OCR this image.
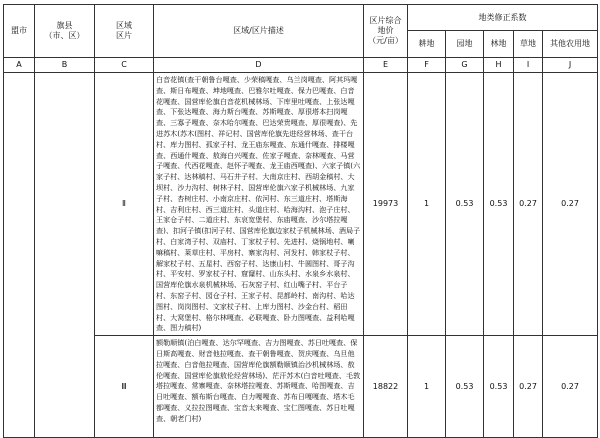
盟市	旗县
（市、区）	区域
区片	区域/区片描述	区片综合
地价
（元/亩）	地类修正系数				
					耕地	园地	林地	草地	其他农用地
A	B	C	D	E	F	G	H	I	J
		Ⅱ	白音花镇(查干朝鲁台嘎查、少荣稿嘎查、乌兰岗嘎查、阿其玛嘎查、斯日布嘎查、坤地嘎查、巴雅尔吐嘎查、保力巴嘎查、白音花嘎查、国营库伦旗白音花机械林场、下库里吐嘎查、上张达嘎查、下张达嘎查、海力斯台嘎查、苏斯嘎查、厚很塔本扫岗嘎查、三寡子嘎查、奈木哈尔嘎查、巴达荣贵嘎查、厚很嘎查)、先进苏木(苏木(图村、祥记村、国营库伦旗先进经营林场、查干台村、库力图村、孤家子村、龙王庙东嘎查、东通什嘎查、排楼嘎查、西通什嘎查、敖海白兴嘎查、佐家子嘎查、奈林嘎查、马营子嘎查、代西花嘎查、赵怀子嘎查、龙王庙西嘎查)、六家子镇(六家子村、达林稿村、马石井子村、大南京庄村、西胡金稿村、大坝村、沙力沟村、树林子村、国营库伦旗六家子机械林场、九家子村、杏树庄村、小南京庄村、依河村、东三道庄村、塔斯海村、吉利庄村、西三道庄村、头道庄村、哈海沟村、泡子庄村、王家仓子村、二道庄村、东哀宽堡村、东庙嘎查、沙尔塔拉嘎查)、扣河子镇(扣河子村、国营库伦旗边家杖子机械林场、酒局子村、白家湾子村、双庙村、丁家杖子村、先进村、烧锅地村、喇嘛稿村、莱草庄村、平房村、寨家沟村、河发村、韩家杖子村、解家杖子村、五星村、西窑子村、达康山村、牛圆图村、哥子沟村、平安村、罗家杖子村、窟窿村、山东头村、水泉乡水泉村、国营库伦旗水泉机械林场、石灰窑子村、红山嘴子村、平台子村、东窑子村、园仓子村、王家子村、昆都岭村、南沟村、哈达图村、岗岗图村、文家杖子村、上库力图村、沙金台村、稻田村、大窝堡村、格尔林嘎查、必联嘎查、卧力图嘎查、益利哈嘎查、图力稿村)	19973	1	0.53	0.53	0.27	0.27
		Ⅲ	额勒顺镇(泊白嘎查、达尔罕嘎查、吉力图嘎查、苏日吐嘎查、保日斯高嘎查、财音他拉嘎查、查干朝鲁嘎查、贺庆嘎查、乌旦他拉嘎查、白音他拉嘎查、国营库伦旗额勒顺镇治沙机械林场、敖伦嘎查、国营库伦旗敖伦经营林场)、茫汗苏木(白音吐嘎查、毛敦塔拉嘎查、常寨嘎查、奈林塔拉嘎查、苏斯嘎查、哈图嘎查、吉日吐嘎查、额布斯台嘎查、白力嘎嘎查、苏布日嘎嘎查、塔木毛都嘎查、义拉拉图嘎查、宝音太来嘎查、宝仁图嘎查、苏日吐嘎查、朝老门村)	18822	1	0.53	0.53	0.27	0.27
